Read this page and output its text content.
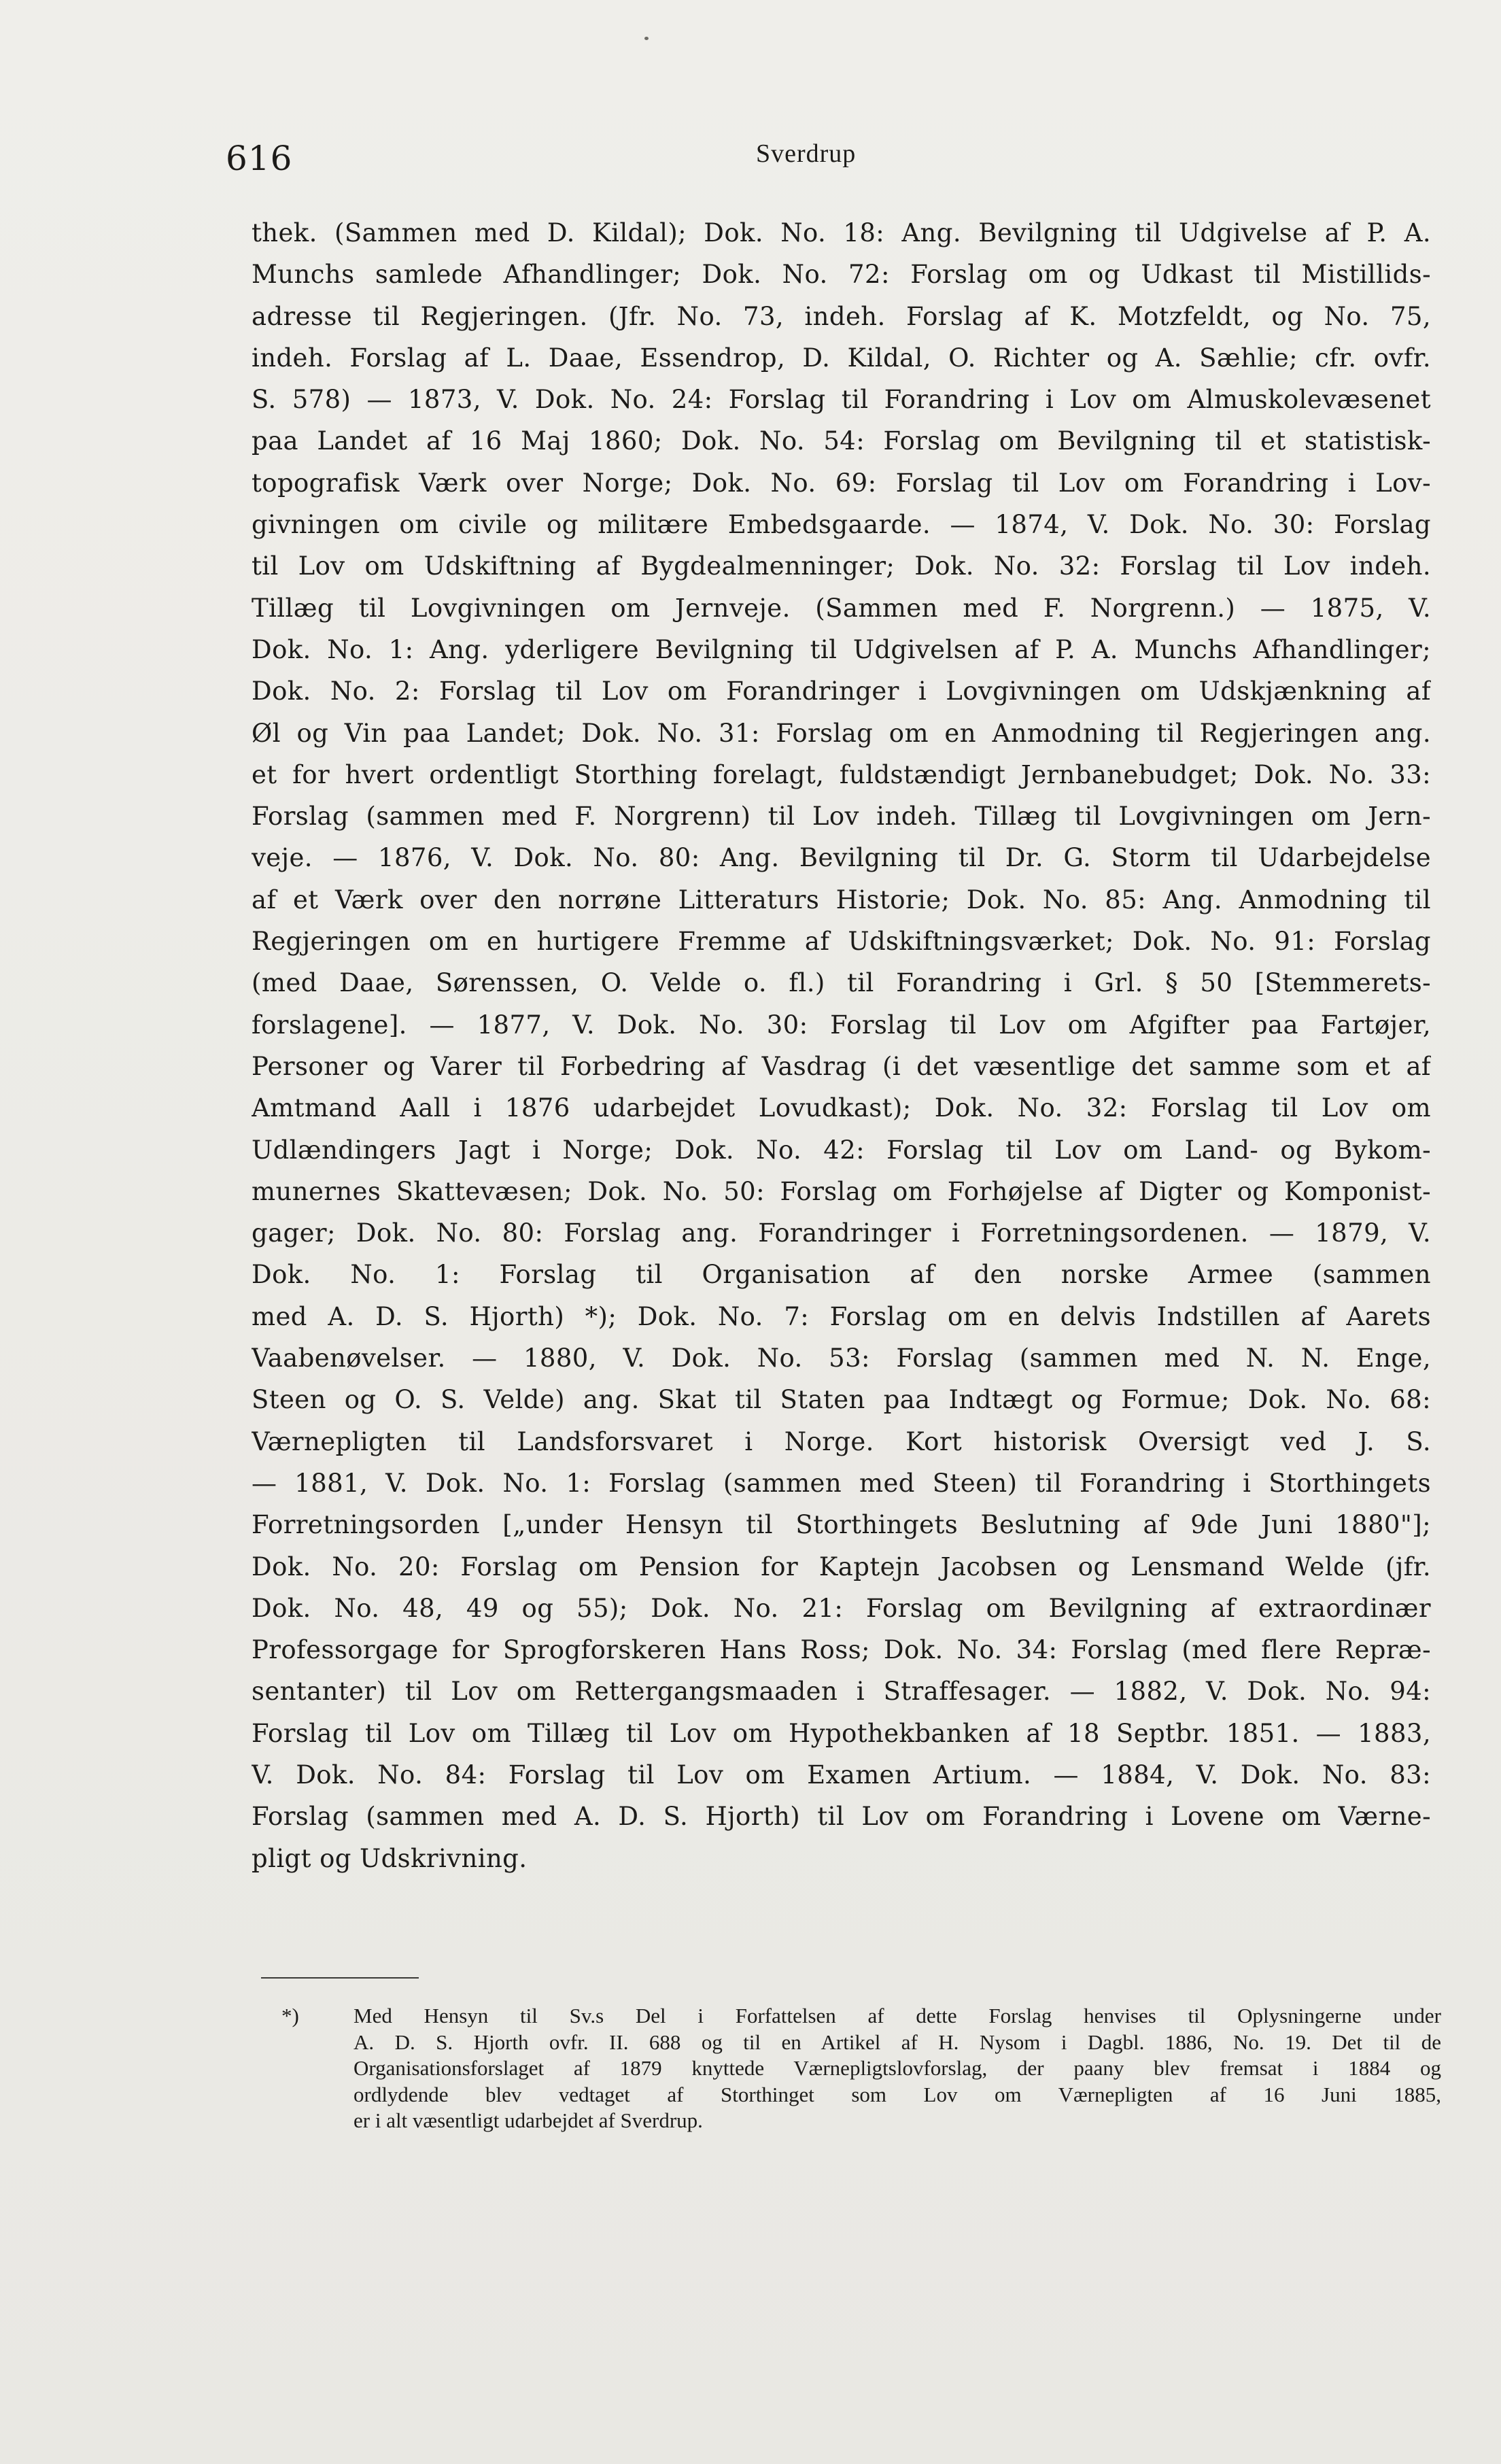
616	Sverdrup
thek. (Sammen med D. Kildal); Dok. No. 18: Ang. Bevilgning til Udgivelse af P. A.
Munchs samlede Afhandlinger; Dok. No. 72: Forslag om og Udkast til Mistillids-
adresse til Regjeringen. (Jfr. No. 73, indeh. Forslag af K. Motzfeldt, og No. 75,
indeh. Forslag af L. Daae, Essendrop, D. Kildal, O. Richter og A. Sæhlie; cfr. ovfr.
S. 578) — 1873, V. Dok. No. 24: Forslag til Forandring i Lov om Almuskolevæsenet
paa Landet af 16 Maj 1860; Dok. No. 54: Forslag om Bevilgning til et statistisk-
topografisk Værk over Norge; Dok. No. 69: Forslag til Lov om Forandring i Lov-
givningen om civile og militære Embedsgaarde. — 1874, V. Dok. No. 30: Forslag
til Lov om Udskiftning af Bygdealmenninger; Dok. No. 32: Forslag til Lov indeh.
Tillæg til Lovgivningen om Jernveje. (Sammen med F. Norgrenn.) — 1875, V.
Dok. No. 1: Ang. yderligere Bevilgning til Udgivelsen af P. A. Munchs Afhandlinger;
Dok. No. 2: Forslag til Lov om Forandringer i Lovgivningen om Udskjænkning af
Øl og Vin paa Landet; Dok. No. 31: Forslag om en Anmodning til Regjeringen ang.
et for hvert ordentligt Storthing forelagt, fuldstændigt Jernbanebudget; Dok. No. 33:
Forslag (sammen med F. Norgrenn) til Lov indeh. Tillæg til Lovgivningen om Jern-
veje. — 1876, V. Dok. No. 80: Ang. Bevilgning til Dr. G. Storm til Udarbejdelse
af et Værk over den norrøne Litteraturs Historie; Dok. No. 85: Ang. Anmodning til
Regjeringen om en hurtigere Fremme af Udskiftningsværket; Dok. No. 91: Forslag
(med Daae, Sørenssen, O. Velde o. fl.) til Forandring i Grl. § 50 [Stemmerets-
forslagene]. — 1877, V. Dok. No. 30: Forslag til Lov om Afgifter paa Fartøjer,
Personer og Varer til Forbedring af Vasdrag (i det væsentlige det samme som et af
Amtmand Aall i 1876 udarbejdet Lovudkast); Dok. No. 32: Forslag til Lov om
Udlændingers Jagt i Norge; Dok. No. 42: Forslag til Lov om Land- og Bykom-
munernes Skattevæsen; Dok. No. 50: Forslag om Forhøjelse af Digter og Komponist-
gager; Dok. No. 80: Forslag ang. Forandringer i Forretningsordenen. — 1879, V.
Dok. No. 1: Forslag til Organisation af den norske Armee (sammen
med A. D. S. Hjorth) *); Dok. No. 7: Forslag om en delvis Indstillen af Aarets
Vaabenøvelser. — 1880, V. Dok. No. 53: Forslag (sammen med N. N. Enge,
Steen og O. S. Velde) ang. Skat til Staten paa Indtægt og Formue; Dok. No. 68:
Værnepligten til Landsforsvaret i Norge. Kort historisk Oversigt ved J. S.
— 1881, V. Dok. No. 1: Forslag (sammen med Steen) til Forandring i Storthingets
Forretningsorden [„under Hensyn til Storthingets Beslutning af 9de Juni 1880"];
Dok. No. 20: Forslag om Pension for Kaptejn Jacobsen og Lensmand Welde (jfr.
Dok. No. 48, 49 og 55); Dok. No. 21: Forslag om Bevilgning af extraordinær
Professorgage for Sprogforskeren Hans Ross; Dok. No. 34: Forslag (med flere Repræ-
sentanter) til Lov om Rettergangsmaaden i Straffesager. — 1882, V. Dok. No. 94:
Forslag til Lov om Tillæg til Lov om Hypothekbanken af 18 Septbr. 1851. — 1883,
V. Dok. No. 84: Forslag til Lov om Examen Artium. — 1884, V. Dok. No. 83:
Forslag (sammen med A. D. S. Hjorth) til Lov om Forandring i Lovene om Værne-
pligt og Udskrivning.
*)	Med Hensyn til Sv.s Del i Forfattelsen af dette Forslag henvises til Oplysningerne under
A. D. S. Hjorth ovfr. II. 688 og til en Artikel af H. Nysom i Dagbl. 1886, No. 19. Det til de
Organisationsforslaget af 1879 knyttede Værnepligtslovforslag, der paany blev fremsat i 1884 og
ordlydende blev vedtaget af Storthinget som Lov om Værnepligten af 16 Juni 1885,
er i alt væsentligt udarbejdet af Sverdrup.
